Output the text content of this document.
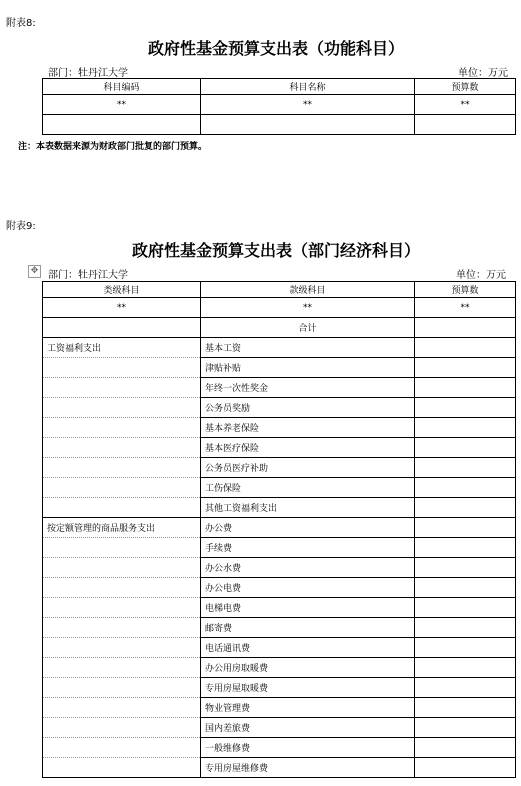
附表8:
政府性基金预算支出表（功能科目）
部门：牡丹江大学	单位：万元
科目编码	科目名称	预算数
**	**	**

注：本表数据来源为财政部门批复的部门预算。
附表9:
政府性基金预算支出表（部门经济科目）
✥ 部门：牡丹江大学	单位：万元
类级科目	款级科目	预算数
**	**	**
	合计	
工资福利支出	基本工资	
	津贴补贴	
	年终一次性奖金	
	公务员奖励	
	基本养老保险	
	基本医疗保险	
	公务员医疗补助	
	工伤保险	
	其他工资福利支出	
按定额管理的商品服务支出	办公费	
	手续费	
	办公水费	
	办公电费	
	电梯电费	
	邮寄费	
	电话通讯费	
	办公用房取暖费	
	专用房屋取暖费	
	物业管理费	
	国内差旅费	
	一般维修费	
	专用房屋维修费	
